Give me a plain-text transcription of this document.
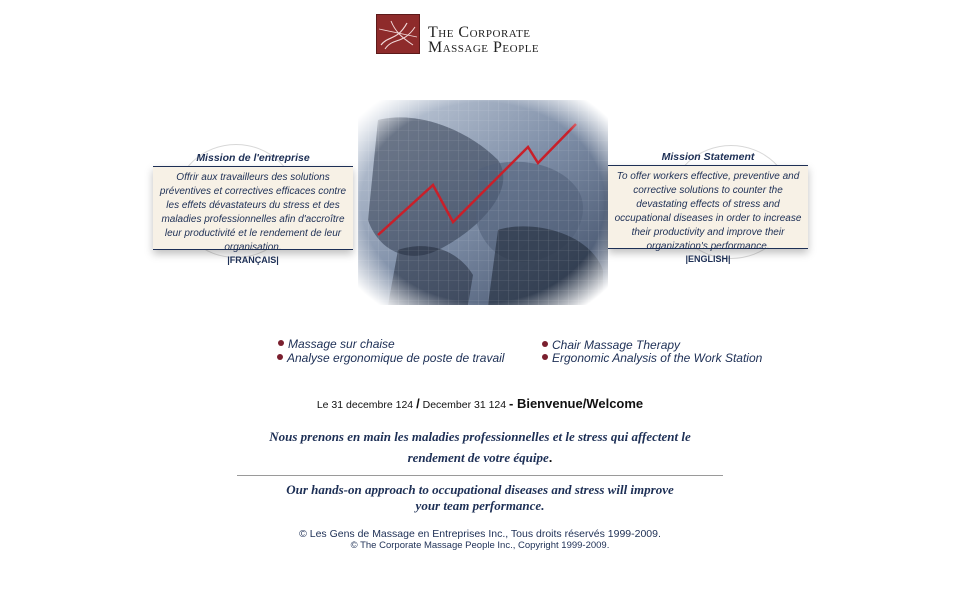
The Corporate
Massage People
Mission de l'entreprise
Offrir aux travailleurs des solutions préventives et correctives efficaces contre les effets dévastateurs du stress et des maladies professionnelles afin d'accroître leur productivité et le rendement de leur organisation.
|FRANÇAIS|
Mission Statement
To offer workers effective, preventive and corrective solutions to counter the devastating effects of stress and occupational diseases in order to increase their productivity and improve their organization's performance.
|ENGLISH|
Massage sur chaise
Analyse ergonomique de poste de travail
Chair Massage Therapy
Ergonomic Analysis of the Work Station
Le 31 decembre 124 / December 31 124 - Bienvenue/Welcome
Nous prenons en main les maladies professionnelles et le stress qui affectent le
rendement de votre équipe.
Our hands-on approach to occupational diseases and stress will improve
your team performance.
© Les Gens de Massage en Entreprises Inc., Tous droits réservés 1999-2009.
© The Corporate Massage People Inc., Copyright 1999-2009.
